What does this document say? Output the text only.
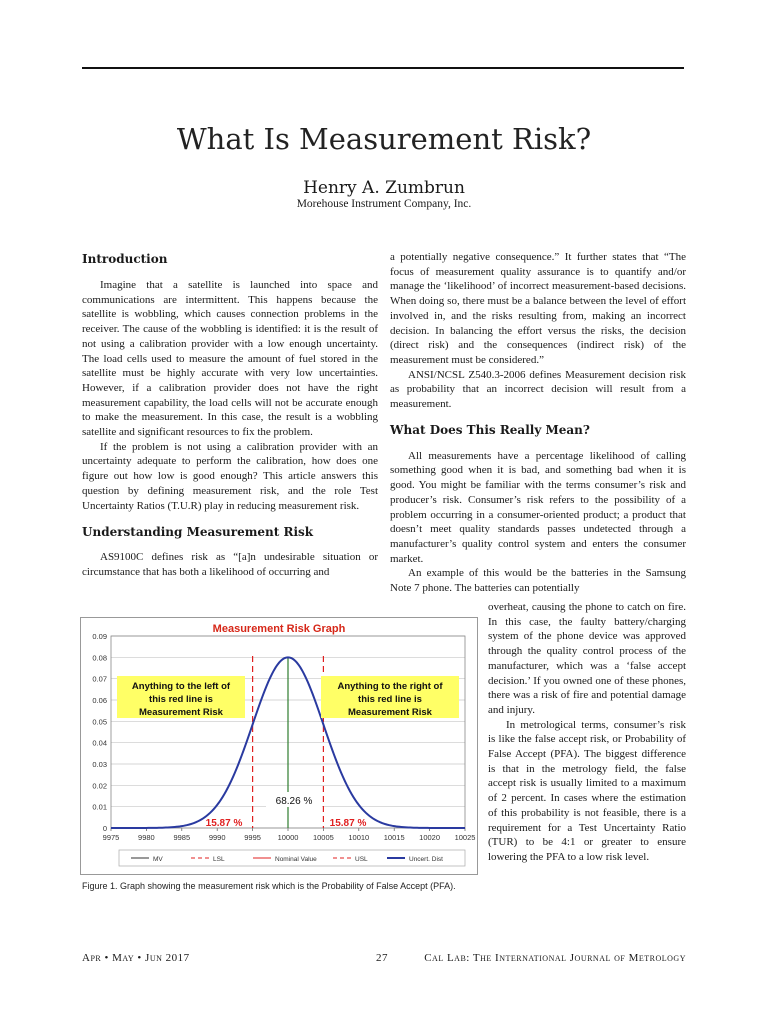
What Is Measurement Risk?
Henry A. Zumbrun
Morehouse Instrument Company, Inc.
Introduction

Imagine that a satellite is launched into space and communications are intermittent. This happens because the satellite is wobbling, which causes connection problems in the receiver. The cause of the wobbling is identified: it is the result of not using a calibration provider with a low enough uncertainty. The load cells used to measure the amount of fuel stored in the satellite must be highly accurate with very low uncertainties. However, if a calibration provider does not have the right measurement capability, the load cells will not be accurate enough to make the measurement. In this case, the result is a wobbling satellite and significant resources to fix the problem.

If the problem is not using a calibration provider with an uncertainty adequate to perform the calibration, how does one figure out how low is good enough? This article answers this question by defining measurement risk, and the role Test Uncertainty Ratios (T.U.R) play in reducing measurement risk.

Understanding Measurement Risk

AS9100C defines risk as “[a]n undesirable situation or circumstance that has both a likelihood of occurring and

a potentially negative consequence.” It further states that “The focus of measurement quality assurance is to quantify and/or manage the ‘likelihood’ of incorrect measurement-based decisions. When doing so, there must be a balance between the level of effort involved in, and the risks resulting from, making an incorrect decision. In balancing the effort versus the risks, the decision (direct risk) and the consequences (indirect risk) of the measurement must be considered.”

ANSI/NCSL Z540.3-2006 defines Measurement decision risk as probability that an incorrect decision will result from a measurement.

What Does This Really Mean?

All measurements have a percentage likelihood of calling something good when it is bad, and something bad when it is good. You might be familiar with the terms consumer’s risk and producer’s risk. Consumer’s risk refers to the possibility of a problem occurring in a consumer-oriented product; a product that doesn’t meet quality standards passes undetected through a manufacturer’s quality control system and enters the consumer market.

An example of this would be the batteries in the Samsung Note 7 phone. The batteries can potentially

overheat, causing the phone to catch on fire. In this case, the faulty battery/charging system of the phone device was approved through the quality control process of the manufacturer, which was a ‘false accept decision.’ If you owned one of these phones, there was a risk of fire and potential damage and injury.

In metrological terms, consumer’s risk is like the false accept risk, or Probability of False Accept (PFA). The biggest difference is that in the metrology field, the false accept risk is usually limited to a maximum of 2 percent. In cases where the estimation of this probability is not feasible, there is a requirement for a Test Uncertainty Ratio (TUR) to be 4:1 or greater to ensure lowering the PFA to a low risk level.

Measurement Risk Graph
0
0.01
0.02
0.03
0.04
0.05
0.06
0.07
0.08
0.09
9975 9980 9985 9990 9995 10000 10005 10010 10015 10020 10025
Anything to the left of
this red line is
Measurement Risk
Anything to the right of
this red line is
Measurement Risk
15.87 %
68.26 %
15.87 %
MV	LSL	Nominal Value	USL	Uncert. Dist
Figure 1. Graph showing the measurement risk which is the Probability of False Accept (PFA).
Apr • May • Jun 2017	27	Cal Lab: The International Journal of Metrology
